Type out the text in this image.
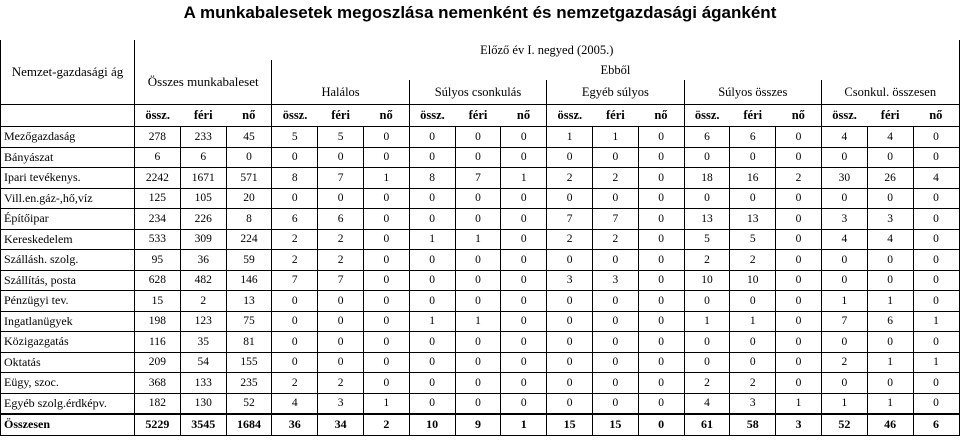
A munkabalesetek megoszlása nemenként és nemzetgazdasági áganként
Nemzet-gazdasági ág	Előző év I. negyed (2005.)																	
	Összes munkabaleset			Ebből														
				Halálos			Súlyos csonkulás			Egyéb súlyos			Súlyos összes			Csonkul. összesen		
	össz.	féri	nő	össz.	féri	nő	össz.	féri	nő	össz.	féri	nő	össz.	féri	nő	össz.	féri	nő
Mezőgazdaság	278	233	45	5	5	0	0	0	0	1	1	0	6	6	0	4	4	0
Bányászat	6	6	0	0	0	0	0	0	0	0	0	0	0	0	0	0	0	0
Ipari tevékenys.	2242	1671	571	8	7	1	8	7	1	2	2	0	18	16	2	30	26	4
Vill.en.gáz-,hő,víz	125	105	20	0	0	0	0	0	0	0	0	0	0	0	0	0	0	0
Építőipar	234	226	8	6	6	0	0	0	0	7	7	0	13	13	0	3	3	0
Kereskedelem	533	309	224	2	2	0	1	1	0	2	2	0	5	5	0	4	4	0
Szállásh. szolg.	95	36	59	2	2	0	0	0	0	0	0	0	2	2	0	0	0	0
Szállítás, posta	628	482	146	7	7	0	0	0	0	3	3	0	10	10	0	0	0	0
Pénzügyi tev.	15	2	13	0	0	0	0	0	0	0	0	0	0	0	0	1	1	0
Ingatlanügyek	198	123	75	0	0	0	1	1	0	0	0	0	1	1	0	7	6	1
Közigazgatás	116	35	81	0	0	0	0	0	0	0	0	0	0	0	0	0	0	0
Oktatás	209	54	155	0	0	0	0	0	0	0	0	0	0	0	0	2	1	1
Eügy, szoc.	368	133	235	2	2	0	0	0	0	0	0	0	2	2	0	0	0	0
Egyéb szolg.érdképv.	182	130	52	4	3	1	0	0	0	0	0	0	4	3	1	1	1	0
Összesen	5229	3545	1684	36	34	2	10	9	1	15	15	0	61	58	3	52	46	6
